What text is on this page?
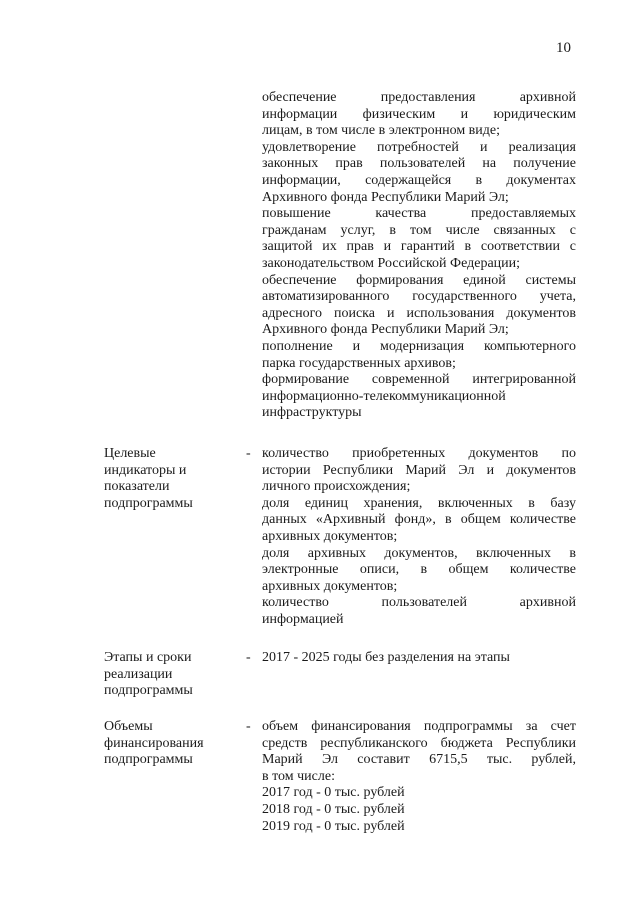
10
обеспечение предоставления архивной
информации физическим и юридическим
лицам, в том числе в электронном виде;
удовлетворение потребностей и реализация
законных прав пользователей на получение
информации, содержащейся в документах
Архивного фонда Республики Марий Эл;
повышение качества предоставляемых
гражданам услуг, в том числе связанных с
защитой их прав и гарантий в соответствии с
законодательством Российской Федерации;
обеспечение формирования единой системы
автоматизированного государственного учета,
адресного поиска и использования документов
Архивного фонда Республики Марий Эл;
пополнение и модернизация компьютерного
парка государственных архивов;
формирование современной интегрированной
информационно-телекоммуникационной
инфраструктуры
Целевые
индикаторы и
показатели
подпрограммы
- количество приобретенных документов по
истории Республики Марий Эл и документов
личного происхождения;
доля единиц хранения, включенных в базу
данных «Архивный фонд», в общем количестве
архивных документов;
доля архивных документов, включенных в
электронные описи, в общем количестве
архивных документов;
количество пользователей архивной
информацией
Этапы и сроки
реализации
подпрограммы
- 2017 - 2025 годы без разделения на этапы
Объемы
финансирования
подпрограммы
- объем финансирования подпрограммы за счет
средств республиканского бюджета Республики
Марий Эл составит 6715,5 тыс. рублей,
в том числе:
2017 год - 0 тыс. рублей
2018 год - 0 тыс. рублей
2019 год - 0 тыс. рублей
